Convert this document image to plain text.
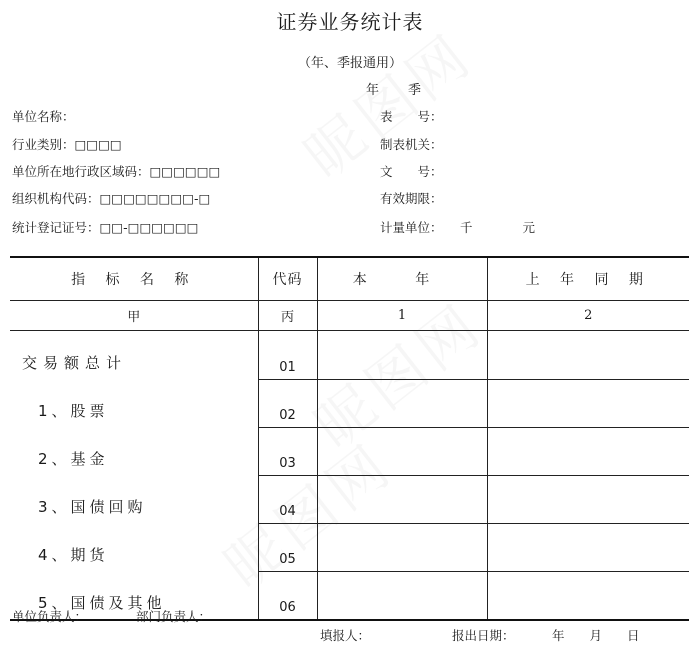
证券业务统计表
（年、季报通用）
年 季
单位名称：
行业类别：□□□□
单位所在地行政区域码：□□□□□□
组织机构代码：□□□□□□□□-□
统计登记证号：□□-□□□□□□
表　　号：
制表机关：
文　　号：
有效期限：
计量单位： 千　　　　元
指 标 名 称	代码	本 年	上 年 同 期
甲	丙	1	2
交易额总计	01		
1、股票	02		
2、基金	03		
3、国债回购	04		
4、期货	05		
5、国债及其他	06		
单位负责人：	部门负责人：
填报人：	报出日期：	年　　月　　日
